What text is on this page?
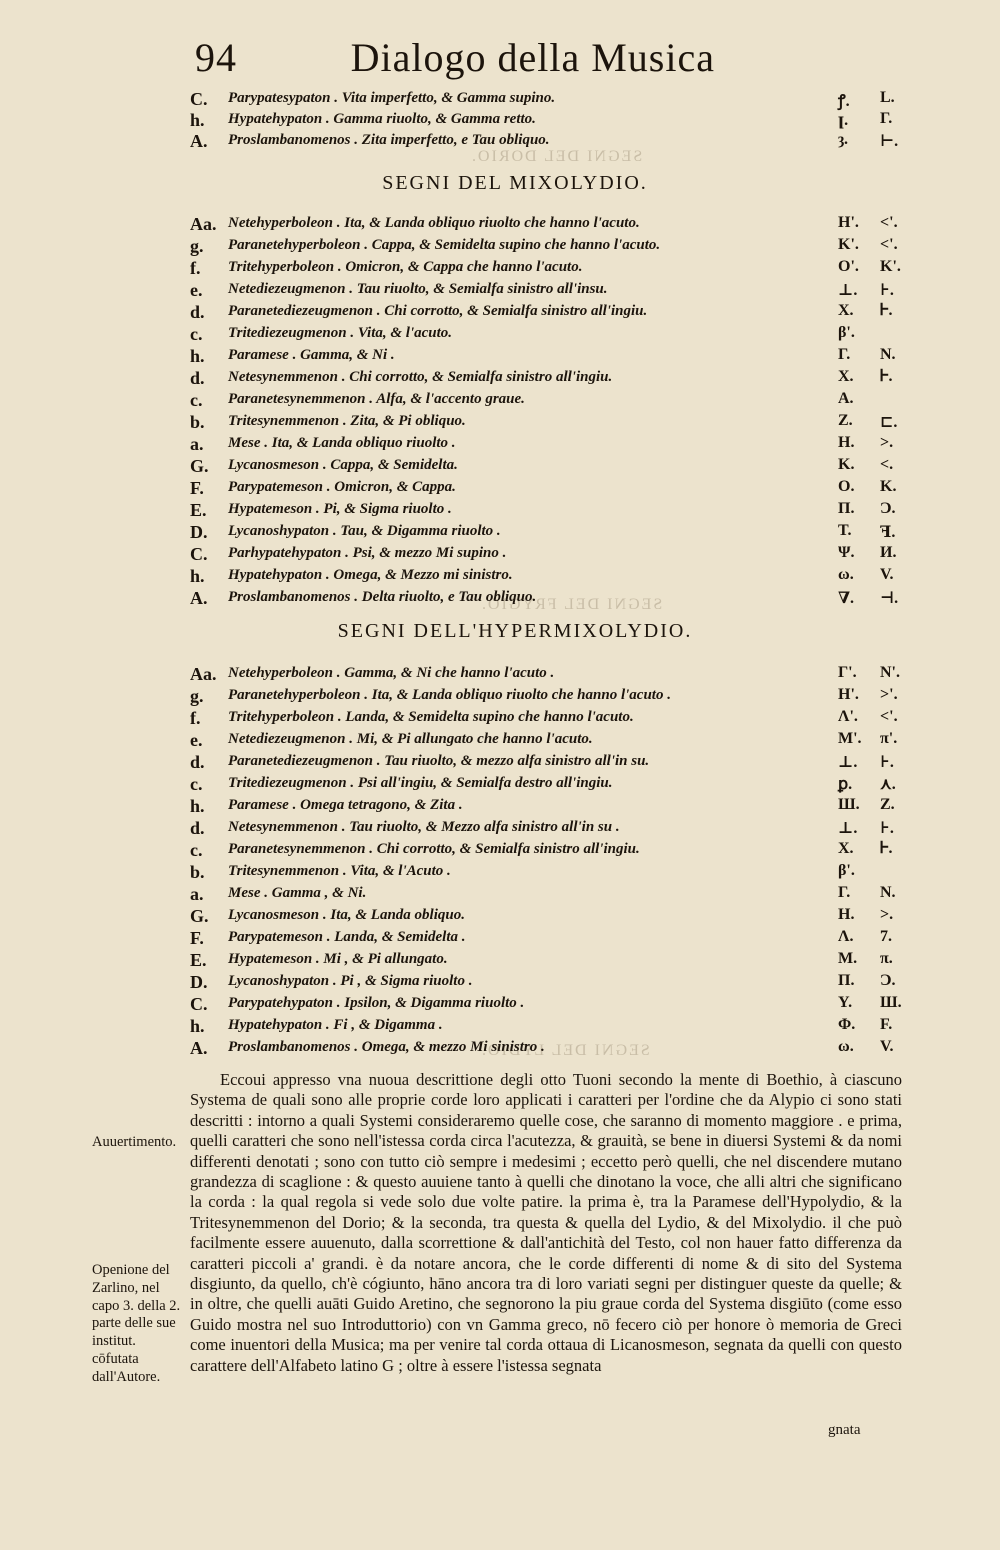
SEGNI DEL DORIO.
SEGNI DEL FRYGIO.
SEGNI DEL LYDIO.
94	Dialogo della Musica
C.	Parypatesypaton . Vita imperfetto, & Gamma supino.	ꝭ.	L.
h.	Hypatehypaton . Gamma riuolto, & Gamma retto.	ꞁ.	Γ.
A.	Proslambanomenos . Zita imperfetto, e Tau obliquo.	ȝ.	⊢.
SEGNI DEL MIXOLYDIO.
Aa. Netehyperboleon . Ita, & Landa obliquo riuolto che hanno l'acuto.	H'.	<'.
g.	Paranetehyperboleon . Cappa, & Semidelta supino che hanno l'acuto.	K'.	<'.
f.	Tritehyperboleon . Omicron, & Cappa che hanno l'acuto.	O'.	K'.
e.	Netediezeugmenon . Tau riuolto, & Semialfa sinistro all'insu.	⊥.	⊦.
d.	Paranetediezeugmenon . Chi corrotto, & Semialfa sinistro all'ingiu.	Χ.	Ꮀ.
c.	Tritediezeugmenon . Vita, & l'acuto.	β'.
h.	Paramese . Gamma, & Ni .	Γ.	N.
d.	Netesynemmenon . Chi corrotto, & Semialfa sinistro all'ingiu.	Χ.	Ꮀ.
c.	Paranetesynemmenon . Alfa, & l'accento graue.	A.
b.	Tritesynemmenon . Zita, & Pi obliquo.	Z.	⊏.
a.	Mese . Ita, & Landa obliquo riuolto .	H.	>.
G.	Lycanosmeson . Cappa, & Semidelta.	K.	<.
F.	Parypatemeson . Omicron, & Cappa.	O.	K.
E.	Hypatemeson . Pi, & Sigma riuolto .	Π.	Ɔ.
D.	Lycanoshypaton . Tau, & Digamma riuolto .	T.	ꟻ.
C.	Parhypatehypaton . Psi, & mezzo Mi supino .	Ψ.	И.
h.	Hypatehypaton . Omega, & Mezzo mi sinistro.	ω.	V.
A.	Proslambanomenos . Delta riuolto, e Tau obliquo.	∇.	⊣.
SEGNI DELL'HYPERMIXOLYDIO.
Aa. Netehyperboleon . Gamma, & Ni che hanno l'acuto .	Γ'.	N'.
g.	Paranetehyperboleon . Ita, & Landa obliquo riuolto che hanno l'acuto .	H'.	>'.
f.	Tritehyperboleon . Landa, & Semidelta supino che hanno l'acuto.	Λ'.	<'.
e.	Netediezeugmenon . Mi, & Pi allungato che hanno l'acuto.	M'.	π'.
d.	Paranetediezeugmenon . Tau riuolto, & mezzo alfa sinistro all'in su.	⊥.	⊦.
c.	Tritediezeugmenon . Psi all'ingiu, & Semialfa destro all'ingiu.	ꝑ.	⋏.
h.	Paramese . Omega tetragono, & Zita .	Ш.	Z.
d.	Netesynemmenon . Tau riuolto, & Mezzo alfa sinistro all'in su .	⊥.	⊦.
c.	Paranetesynemmenon . Chi corrotto, & Semialfa sinistro all'ingiu.	Χ.	Ꮀ.
b.	Tritesynemmenon . Vita, & l'Acuto .	β'.
a.	Mese . Gamma , & Ni.	Γ.	N.
G.	Lycanosmeson . Ita, & Landa obliquo.	H.	>.
F.	Parypatemeson . Landa, & Semidelta .	Λ.	7.
E.	Hypatemeson . Mi , & Pi allungato.	M.	π.
D.	Lycanoshypaton . Pi , & Sigma riuolto .	Π.	Ɔ.
C.	Parypatehypaton . Ipsilon, & Digamma riuolto .	Υ.	Ш.
h.	Hypatehypaton . Fi , & Digamma .	Φ.	F.
A.	Proslambanomenos . Omega, & mezzo Mi sinistro .	ω.	V.

Eccoui appresso vna nuoua descrittione degli otto Tuoni secondo la mente di Boethio, à ciascuno Systema de quali sono alle proprie corde loro applicati i caratteri per l'ordine che da Alypio ci sono stati descritti : intorno a quali Systemi consideraremo quelle cose, che saranno di momento maggiore . e prima, quelli caratteri che sono nell'istessa corda circa l'acutezza, & grauità, se bene in diuersi Systemi & da nomi differenti denotati ; sono con tutto ciò sempre i medesimi ; eccetto però quelli, che nel discendere mutano grandezza di scaglione : & questo auuiene tanto à quelli che dinotano la voce, che alli altri che significano la corda : la qual regola si vede solo due volte patire. la prima è, tra la Paramese dell'Hypolydio, & la Tritesynemmenon del Dorio; & la seconda, tra questa & quella del Lydio, & del Mixolydio. il che può facilmente essere auuenuto, dalla scorrettione & dall'antichità del Testo, col non hauer fatto differenza da caratteri piccoli a' grandi. è da notare ancora, che le corde differenti di nome & di sito del Systema disgiunto, da quello, ch'è cógiunto, hāno ancora tra di loro variati segni per distinguer queste da quelle; & in oltre, che quelli auāti Guido Aretino, che segnorono la piu graue corda del Systema disgiūto (come esso Guido mostra nel suo Introduttorio) con vn Gamma greco, nō fecero ciò per honore ò memoria de Greci come inuentori della Musica; ma per venire tal corda ottaua di Licanosmeson, segnata da quelli con questo carattere dell'Alfabeto latino G ; oltre à essere l'istessa segnata

Auuertimento.
Openione del Zarlino, nel capo 3. della 2. parte delle sue institut. cōfutata dall'Autore.
gnata
